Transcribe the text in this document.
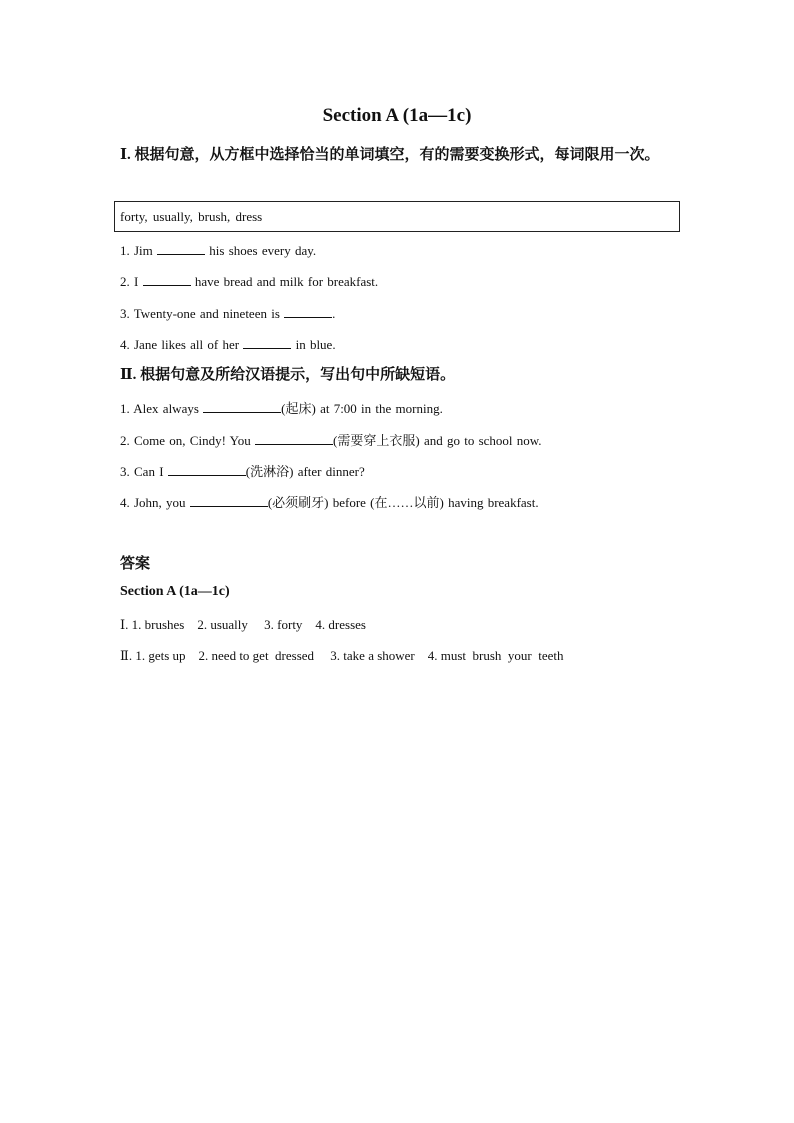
Section A (1a—1c)
Ⅰ. 根据句意，从方框中选择恰当的单词填空，有的需要变换形式，每词限用一次。
forty, usually, brush, dress
1. Jim	his shoes every day.
2. I	have bread and milk for breakfast.
3. Twenty-one and nineteen is	.
4. Jane likes all of her	in blue.
Ⅱ. 根据句意及所给汉语提示，写出句中所缺短语。
1. Alex always	(起床) at 7:00 in the morning.
2. Come on, Cindy! You	(需要穿上衣服) and go to school now.
3. Can I	(洗淋浴) after dinner?
4. John, you	(必须刷牙) before (在……以前) having breakfast.
答案
Section A (1a—1c)
Ⅰ. 1. brushes    2. usually     3. forty    4. dresses
Ⅱ. 1. gets up    2. need to get  dressed     3. take a shower    4. must  brush  your  teeth
